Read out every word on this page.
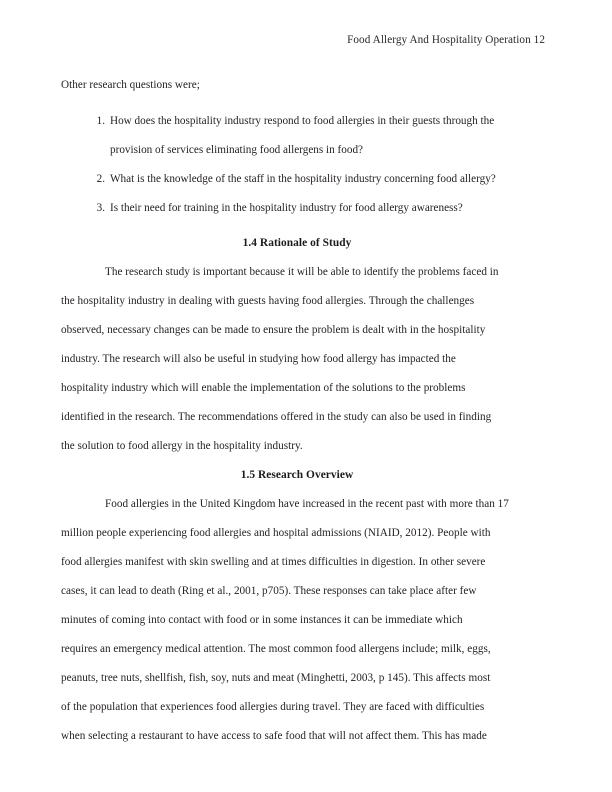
Food Allergy And Hospitality Operation 12
Other research questions were;
1. How does the hospitality industry respond to food allergies in their guests through the
provision of services eliminating food allergens in food?
2. What is the knowledge of the staff in the hospitality industry concerning food allergy?
3. Is their need for training in the hospitality industry for food allergy awareness?
1.4 Rationale of Study
The research study is important because it will be able to identify the problems faced in
the hospitality industry in dealing with guests having food allergies. Through the challenges
observed, necessary changes can be made to ensure the problem is dealt with in the hospitality
industry. The research will also be useful in studying how food allergy has impacted the
hospitality industry which will enable the implementation of the solutions to the problems
identified in the research. The recommendations offered in the study can also be used in finding
the solution to food allergy in the hospitality industry.
1.5 Research Overview
Food allergies in the United Kingdom have increased in the recent past with more than 17
million people experiencing food allergies and hospital admissions (NIAID, 2012). People with
food allergies manifest with skin swelling and at times difficulties in digestion. In other severe
cases, it can lead to death (Ring et al., 2001, p705). These responses can take place after few
minutes of coming into contact with food or in some instances it can be immediate which
requires an emergency medical attention. The most common food allergens include; milk, eggs,
peanuts, tree nuts, shellfish, fish, soy, nuts and meat (Minghetti, 2003, p 145). This affects most
of the population that experiences food allergies during travel. They are faced with difficulties
when selecting a restaurant to have access to safe food that will not affect them. This has made
